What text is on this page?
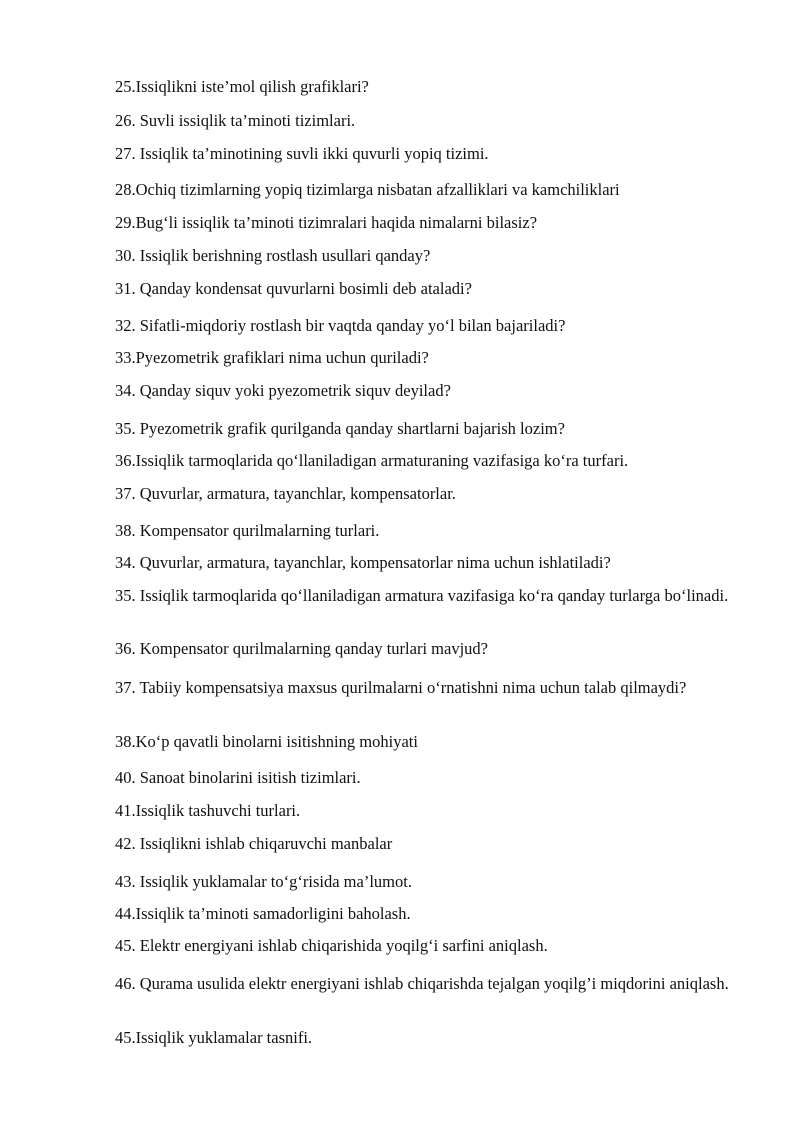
25.Issiqlikni iste’mol qilish grafiklari?

26. Suvli issiqlik ta’minoti tizimlari.

27. Issiqlik ta’minotining suvli ikki quvurli yopiq tizimi.

28.Ochiq tizimlarning yopiq tizimlarga nisbatan afzalliklari va kamchiliklari

29.Bug‘li issiqlik ta’minoti tizimralari haqida nimalarni bilasiz?

30. Issiqlik berishning rostlash usullari qanday?

31. Qanday kondensat quvurlarni bosimli deb ataladi?

32. Sifatli-miqdoriy rostlash bir vaqtda qanday yo‘l bilan bajariladi?

33.Pyezometrik grafiklari nima uchun quriladi?

34. Qanday siquv yoki pyezometrik siquv deyilad?

35. Pyezometrik grafik qurilganda qanday shartlarni bajarish lozim?

36.Issiqlik tarmoqlarida qo‘llaniladigan armaturaning vazifasiga ko‘ra turfari.

37. Quvurlar, armatura, tayanchlar, kompensatorlar.

38. Kompensator qurilmalarning turlari.

34. Quvurlar, armatura, tayanchlar, kompensatorlar nima uchun ishlatiladi?

35. Issiqlik tarmoqlarida qo‘llaniladigan armatura vazifasiga ko‘ra qanday turlarga bo‘linadi.

36. Kompensator qurilmalarning qanday turlari mavjud?

37. Tabiiy kompensatsiya maxsus qurilmalarni o‘rnatishni nima uchun talab qilmaydi?

38.Ko‘p qavatli binolarni isitishning mohiyati

40. Sanoat binolarini isitish tizimlari.

41.Issiqlik tashuvchi turlari.

42. Issiqlikni ishlab chiqaruvchi manbalar

43. Issiqlik yuklamalar to‘g‘risida ma’lumot.

44.Issiqlik ta’minoti samadorligini baholash.

45. Elektr energiyani ishlab chiqarishida yoqilg‘i sarfini aniqlash.

46. Qurama usulida elektr energiyani ishlab chiqarishda tejalgan yoqilg’i miqdorini aniqlash.

45.Issiqlik yuklamalar tasnifi.
